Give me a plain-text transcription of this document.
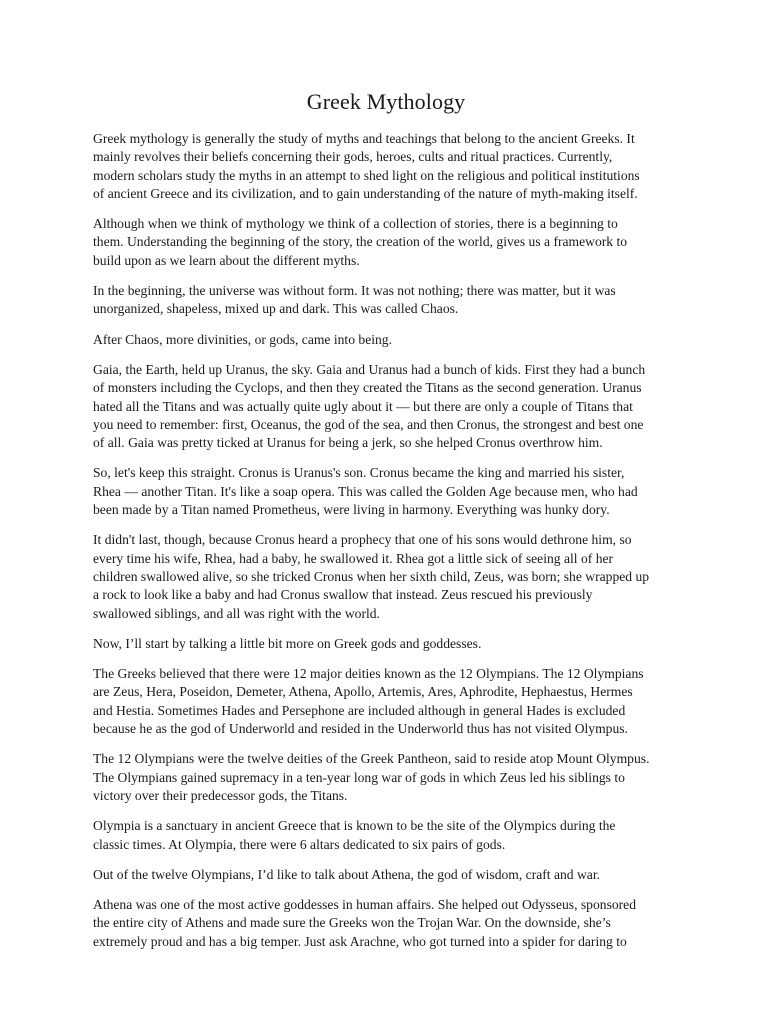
Greek Mythology

Greek mythology is generally the study of myths and teachings that belong to the ancient Greeks. It
mainly revolves their beliefs concerning their gods, heroes, cults and ritual practices. Currently,
modern scholars study the myths in an attempt to shed light on the religious and political institutions
of ancient Greece and its civilization, and to gain understanding of the nature of myth-making itself.

Although when we think of mythology we think of a collection of stories, there is a beginning to
them. Understanding the beginning of the story, the creation of the world, gives us a framework to
build upon as we learn about the different myths.

In the beginning, the universe was without form. It was not nothing; there was matter, but it was
unorganized, shapeless, mixed up and dark. This was called Chaos.

After Chaos, more divinities, or gods, came into being.

Gaia, the Earth, held up Uranus, the sky. Gaia and Uranus had a bunch of kids. First they had a bunch
of monsters including the Cyclops, and then they created the Titans as the second generation. Uranus
hated all the Titans and was actually quite ugly about it — but there are only a couple of Titans that
you need to remember: first, Oceanus, the god of the sea, and then Cronus, the strongest and best one
of all. Gaia was pretty ticked at Uranus for being a jerk, so she helped Cronus overthrow him.

So, let's keep this straight. Cronus is Uranus's son. Cronus became the king and married his sister,
Rhea — another Titan. It's like a soap opera. This was called the Golden Age because men, who had
been made by a Titan named Prometheus, were living in harmony. Everything was hunky dory.

It didn't last, though, because Cronus heard a prophecy that one of his sons would dethrone him, so
every time his wife, Rhea, had a baby, he swallowed it. Rhea got a little sick of seeing all of her
children swallowed alive, so she tricked Cronus when her sixth child, Zeus, was born; she wrapped up
a rock to look like a baby and had Cronus swallow that instead. Zeus rescued his previously
swallowed siblings, and all was right with the world.

Now, I’ll start by talking a little bit more on Greek gods and goddesses.

The Greeks believed that there were 12 major deities known as the 12 Olympians. The 12 Olympians
are Zeus, Hera, Poseidon, Demeter, Athena, Apollo, Artemis, Ares, Aphrodite, Hephaestus, Hermes
and Hestia. Sometimes Hades and Persephone are included although in general Hades is excluded
because he as the god of Underworld and resided in the Underworld thus has not visited Olympus.

The 12 Olympians were the twelve deities of the Greek Pantheon, said to reside atop Mount Olympus.
The Olympians gained supremacy in a ten-year long war of gods in which Zeus led his siblings to
victory over their predecessor gods, the Titans.

Olympia is a sanctuary in ancient Greece that is known to be the site of the Olympics during the
classic times. At Olympia, there were 6 altars dedicated to six pairs of gods.

Out of the twelve Olympians, I’d like to talk about Athena, the god of wisdom, craft and war.

Athena was one of the most active goddesses in human affairs. She helped out Odysseus, sponsored
the entire city of Athens and made sure the Greeks won the Trojan War. On the downside, she’s
extremely proud and has a big temper. Just ask Arachne, who got turned into a spider for daring to
